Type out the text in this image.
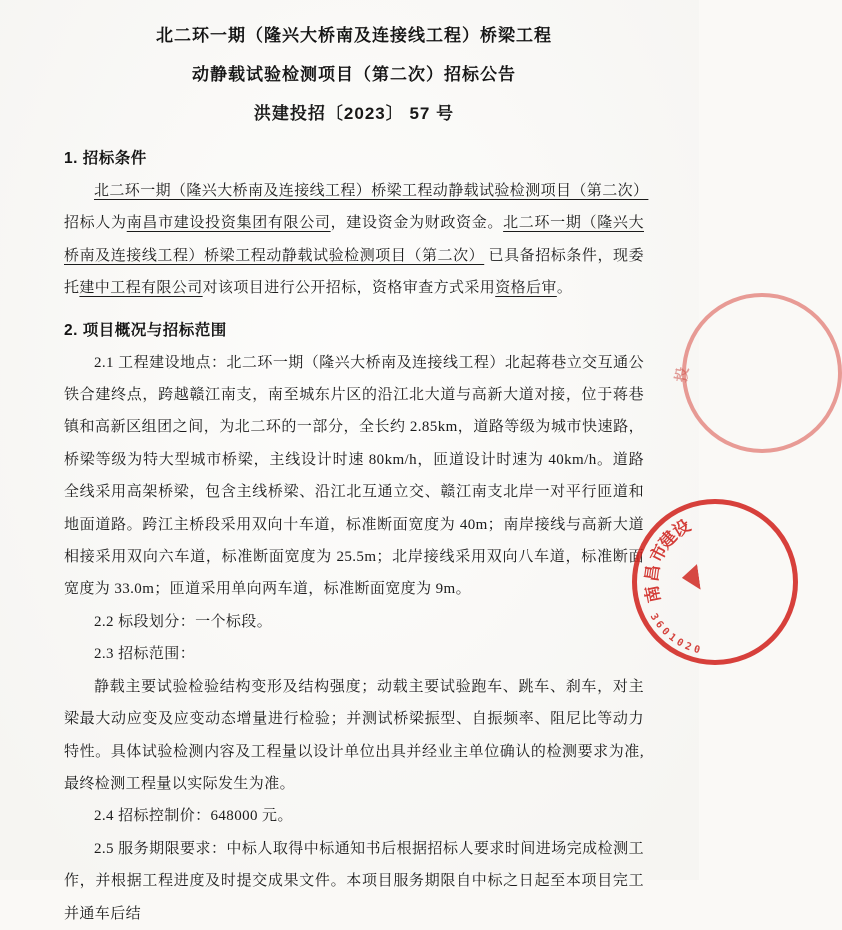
北二环一期（隆兴大桥南及连接线工程）桥梁工程
动静载试验检测项目（第二次）招标公告
洪建投招〔2023〕 57 号
1. 招标条件

北二环一期（隆兴大桥南及连接线工程）桥梁工程动静载试验检测项目（第二次）招标人为南昌市建设投资集团有限公司，建设资金为财政资金。北二环一期（隆兴大桥南及连接线工程）桥梁工程动静载试验检测项目（第二次） 已具备招标条件，现委托建中工程有限公司对该项目进行公开招标，资格审查方式采用资格后审。

2. 项目概况与招标范围

2.1 工程建设地点：北二环一期（隆兴大桥南及连接线工程）北起蒋巷立交互通公铁合建终点，跨越赣江南支，南至城东片区的沿江北大道与高新大道对接，位于蒋巷镇和高新区组团之间，为北二环的一部分，全长约 2.85km，道路等级为城市快速路，桥梁等级为特大型城市桥梁，主线设计时速 80km/h，匝道设计时速为 40km/h。道路全线采用高架桥梁，包含主线桥梁、沿江北互通立交、赣江南支北岸一对平行匝道和地面道路。跨江主桥段采用双向十车道，标准断面宽度为 40m；南岸接线与高新大道相接采用双向六车道，标准断面宽度为 25.5m；北岸接线采用双向八车道，标准断面宽度为 33.0m；匝道采用单向两车道，标准断面宽度为 9m。

2.2 标段划分：一个标段。

2.3 招标范围：

静载主要试验检验结构变形及结构强度；动载主要试验跑车、跳车、刹车，对主梁最大动应变及应变动态增量进行检验；并测试桥梁振型、自振频率、阻尼比等动力特性。具体试验检测内容及工程量以设计单位出具并经业主单位确认的检测要求为准,最终检测工程量以实际发生为准。

2.4 招标控制价：648000 元。

2.5 服务期限要求：中标人取得中标通知书后根据招标人要求时间进场完成检测工作，并根据工程进度及时提交成果文件。本项目服务期限自中标之日起至本项目完工并通车后结

投
南
昌
市
建
设
3
6
0
1
0
2 0
